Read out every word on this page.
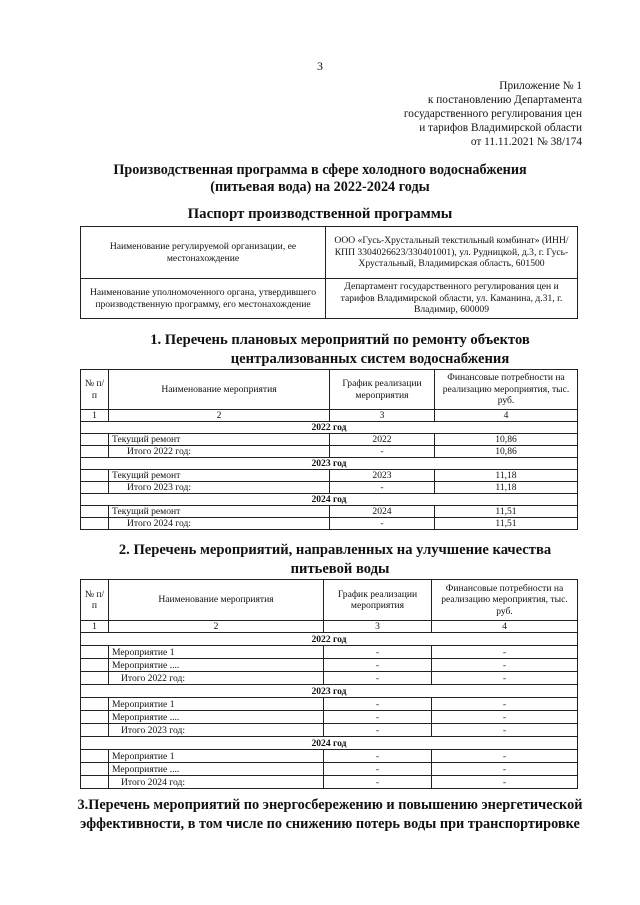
3
Приложение № 1
к постановлению Департамента
государственного регулирования цен
и тарифов Владимирской области
от 11.11.2021 № 38/174
Производственная программа в сфере холодного водоснабжения
(питьевая вода) на 2022-2024 годы
Паспорт производственной программы
Наименование регулируемой организации, ее местонахождение	ООО «Гусь-Хрустальный текстильный комбинат» (ИНН/КПП 3304026623/330401001), ул. Рудницкой, д.3, г. Гусь-Хрустальный, Владимирская область, 601500
Наименование уполномоченного органа, утвердившего производственную программу, его местонахождение	Департамент государственного регулирования цен и тарифов Владимирской области, ул. Каманина, д.31, г. Владимир, 600009
1. Перечень плановых мероприятий по ремонту объектов
централизованных систем водоснабжения
№ п/п	Наименование мероприятия	График реализации мероприятия	Финансовые потребности на реализацию мероприятия, тыс. руб.
1	2	3	4
2022 год			
	Текущий ремонт	2022	10,86
	Итого 2022 год:	-	10,86
2023 год			
	Текущий ремонт	2023	11,18
	Итого 2023 год:	-	11,18
2024 год			
	Текущий ремонт	2024	11,51
	Итого 2024 год:	-	11,51
2. Перечень мероприятий, направленных на улучшение качества
питьевой воды
№ п/п	Наименование мероприятия	График реализации мероприятия	Финансовые потребности на реализацию мероприятия, тыс. руб.
1	2	3	4
2022 год			
	Мероприятие 1	-	-
	Мероприятие ....	-	-
	Итого 2022 год:	-	-
2023 год			
	Мероприятие 1	-	-
	Мероприятие ....	-	-
	Итого 2023 год:	-	-
2024 год			
	Мероприятие 1	-	-
	Мероприятие ....	-	-
	Итого 2024 год:	-	-
3.Перечень мероприятий по энергосбережению и повышению энергетической
эффективности, в том числе по снижению потерь воды при транспортировке
